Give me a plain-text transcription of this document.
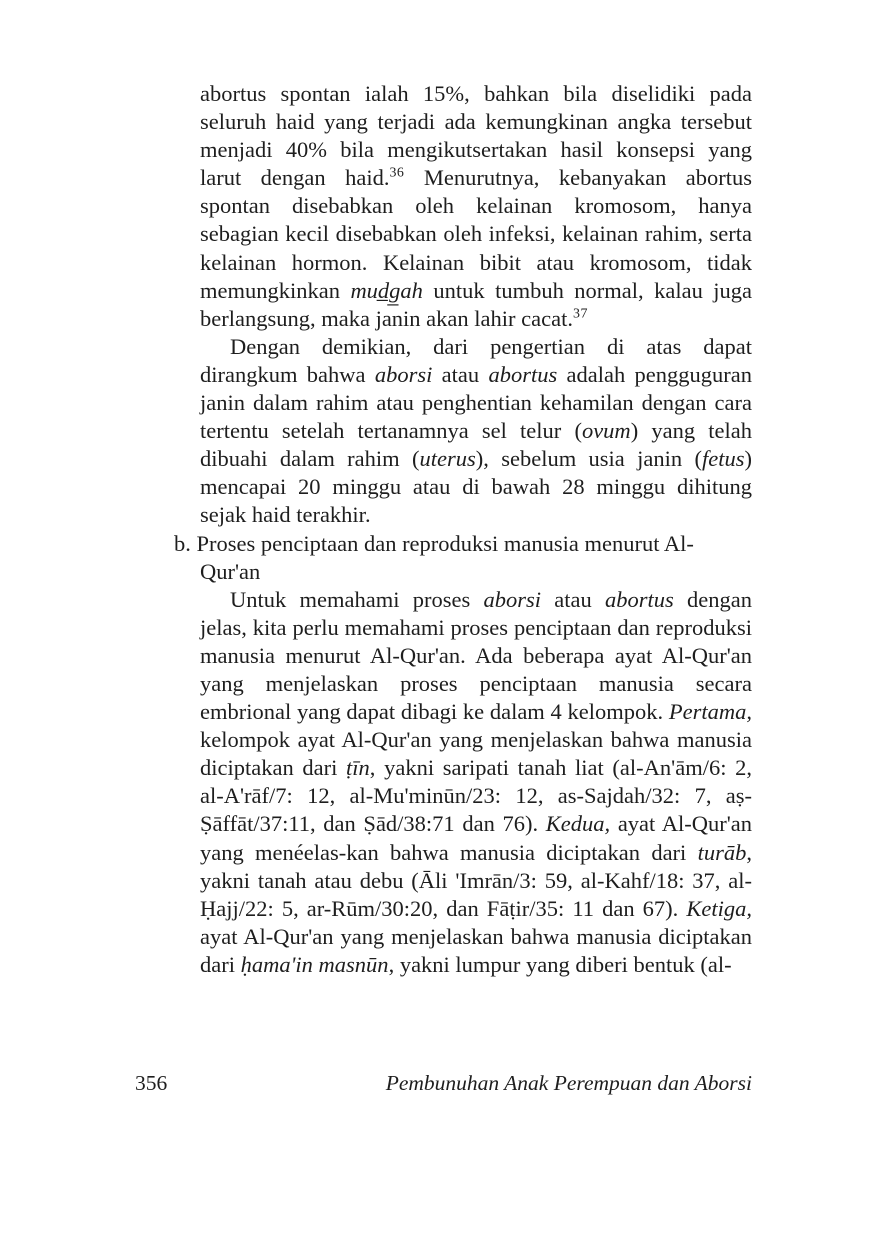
abortus spontan ialah 15%, bahkan bila diselidiki pada seluruh haid yang terjadi ada kemungkinan angka tersebut menjadi 40% bila mengikutsertakan hasil konsepsi yang larut dengan haid.$^{36}$ Menurutnya, kebanyakan abortus spontan disebabkan oleh kelainan kromosom, hanya sebagian kecil disebabkan oleh infeksi, kelainan rahim, serta kelainan hormon. Kelainan bibit atau kromosom, tidak memungkinkan mud̲g̲ah untuk tumbuh normal, kalau juga berlangsung, maka janin akan lahir cacat.$^{37}$

Dengan demikian, dari pengertian di atas dapat dirangkum bahwa aborsi atau abortus adalah pengguguran janin dalam rahim atau penghentian kehamilan dengan cara tertentu setelah tertanamnya sel telur (ovum) yang telah dibuahi dalam rahim (uterus), sebelum usia janin (fetus) mencapai 20 minggu atau di bawah 28 minggu dihitung sejak haid terakhir.

b. Proses penciptaan dan reproduksi manusia menurut Al-Qur'an

Untuk memahami proses aborsi atau abortus dengan jelas, kita perlu memahami proses penciptaan dan reproduksi manusia menurut Al-Qur'an. Ada beberapa ayat Al-Qur'an yang menjelaskan proses penciptaan manusia secara embrional yang dapat dibagi ke dalam 4 kelompok. Pertama, kelompok ayat Al-Qur'an yang menjelaskan bahwa manusia diciptakan dari ṭīn, yakni saripati tanah liat (al-An'ām/6: 2, al-A'rāf/7: 12, al-Mu'minūn/23: 12, as-Sajdah/32: 7, aṣ-Ṣāffāt/37:11, dan Ṣād/38:71 dan 76). Kedua, ayat Al-Qur'an yang menéelas-kan bahwa manusia diciptakan dari turāb, yakni tanah atau debu (Āli 'Imrān/3: 59, al-Kahf/18: 37, al-Ḥajj/22: 5, ar-Rūm/30:20, dan Fāṭir/35: 11 dan 67). Ketiga, ayat Al-Qur'an yang menjelaskan bahwa manusia diciptakan dari ḥama'in masnūn, yakni lumpur yang diberi bentuk (al-

356	Pembunuhan Anak Perempuan dan Aborsi
